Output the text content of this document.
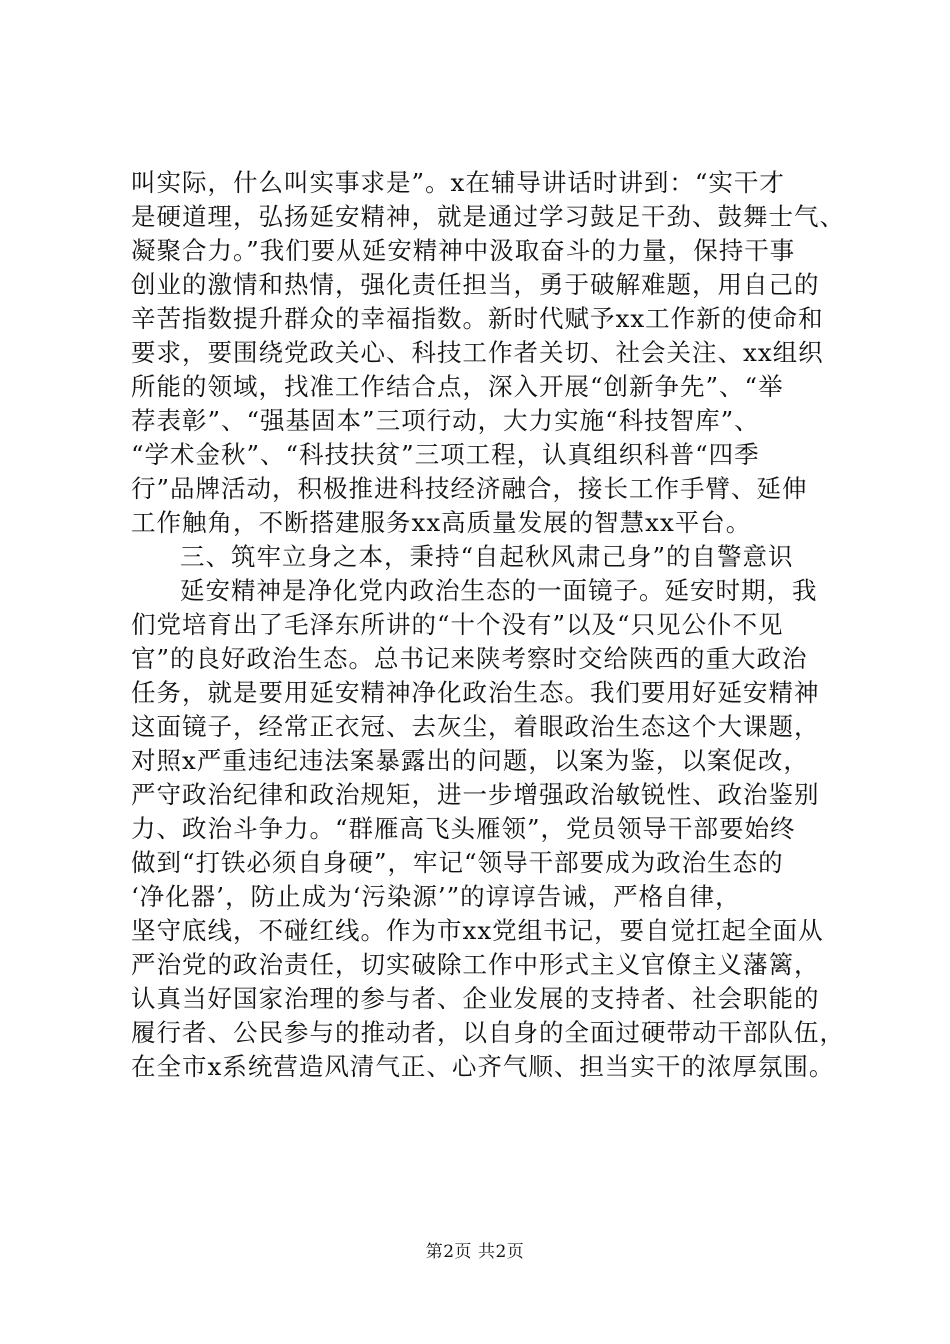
叫实际，什么叫实事求是”。x在辅导讲话时讲到：“实干才
是硬道理，弘扬延安精神，就是通过学习鼓足干劲、鼓舞士气、
凝聚合力。”我们要从延安精神中汲取奋斗的力量，保持干事
创业的激情和热情，强化责任担当，勇于破解难题，用自己的
辛苦指数提升群众的幸福指数。新时代赋予xx工作新的使命和
要求，要围绕党政关心、科技工作者关切、社会关注、xx组织
所能的领域，找准工作结合点，深入开展“创新争先”、“举
荐表彰”、“强基固本”三项行动，大力实施“科技智库”、
“学术金秋”、“科技扶贫”三项工程，认真组织科普“四季
行”品牌活动，积极推进科技经济融合，接长工作手臂、延伸
工作触角，不断搭建服务xx高质量发展的智慧xx平台。
三、筑牢立身之本，秉持“自起秋风肃己身”的自警意识
延安精神是净化党内政治生态的一面镜子。延安时期，我
们党培育出了毛泽东所讲的“十个没有”以及“只见公仆不见
官”的良好政治生态。总书记来陕考察时交给陕西的重大政治
任务，就是要用延安精神净化政治生态。我们要用好延安精神
这面镜子，经常正衣冠、去灰尘，着眼政治生态这个大课题，
对照x严重违纪违法案暴露出的问题，以案为鉴，以案促改，
严守政治纪律和政治规矩，进一步增强政治敏锐性、政治鉴别
力、政治斗争力。“群雁高飞头雁领”，党员领导干部要始终
做到“打铁必须自身硬”，牢记“领导干部要成为政治生态的
‘净化器’，防止成为‘污染源’”的谆谆告诫，严格自律，
坚守底线，不碰红线。作为市xx党组书记，要自觉扛起全面从
严治党的政治责任，切实破除工作中形式主义官僚主义藩篱，
认真当好国家治理的参与者、企业发展的支持者、社会职能的
履行者、公民参与的推动者，以自身的全面过硬带动干部队伍，
在全市x系统营造风清气正、心齐气顺、担当实干的浓厚氛围。
第2页 共2页
